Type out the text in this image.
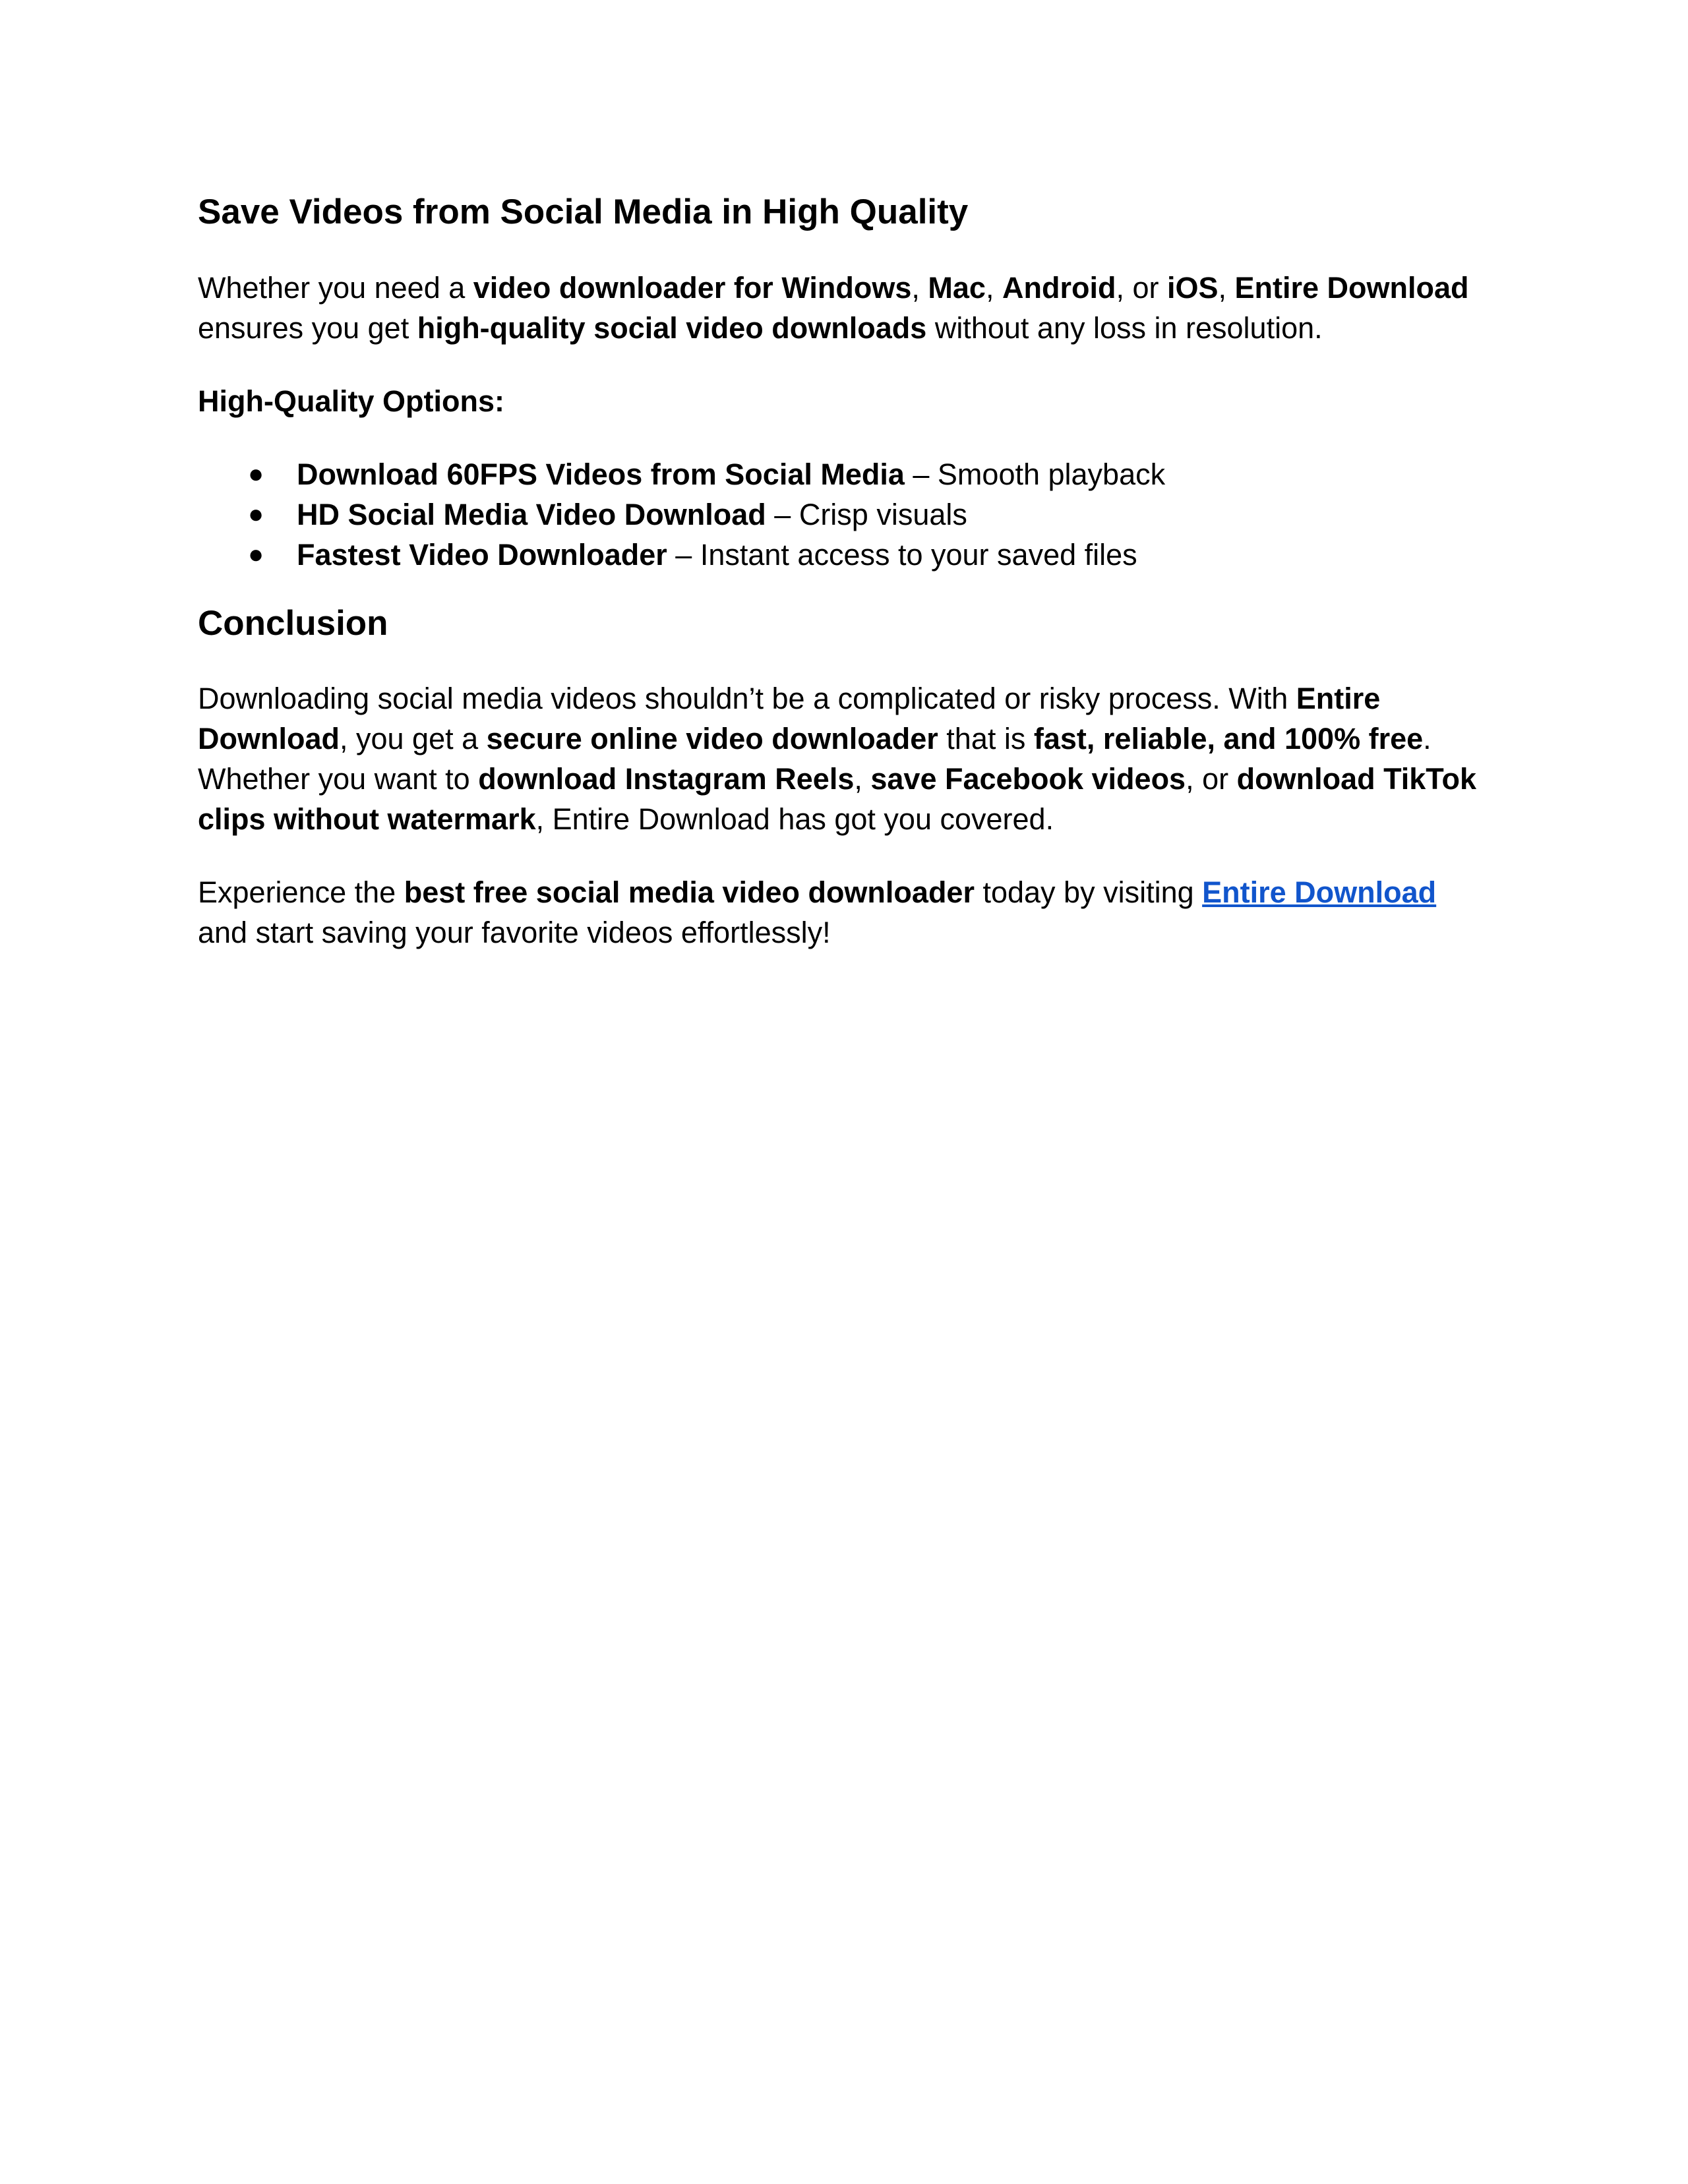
Save Videos from Social Media in High Quality

Whether you need a video downloader for Windows, Mac, Android, or iOS, Entire Download ensures you get high-quality social video downloads without any loss in resolution.

High-Quality Options:

● Download 60FPS Videos from Social Media – Smooth playback
● HD Social Media Video Download – Crisp visuals
● Fastest Video Downloader – Instant access to your saved files
Conclusion

Downloading social media videos shouldn’t be a complicated or risky process. With Entire Download, you get a secure online video downloader that is fast, reliable, and 100% free. Whether you want to download Instagram Reels, save Facebook videos, or download TikTok clips without watermark, Entire Download has got you covered.

Experience the best free social media video downloader today by visiting Entire Download and start saving your favorite videos effortlessly!
